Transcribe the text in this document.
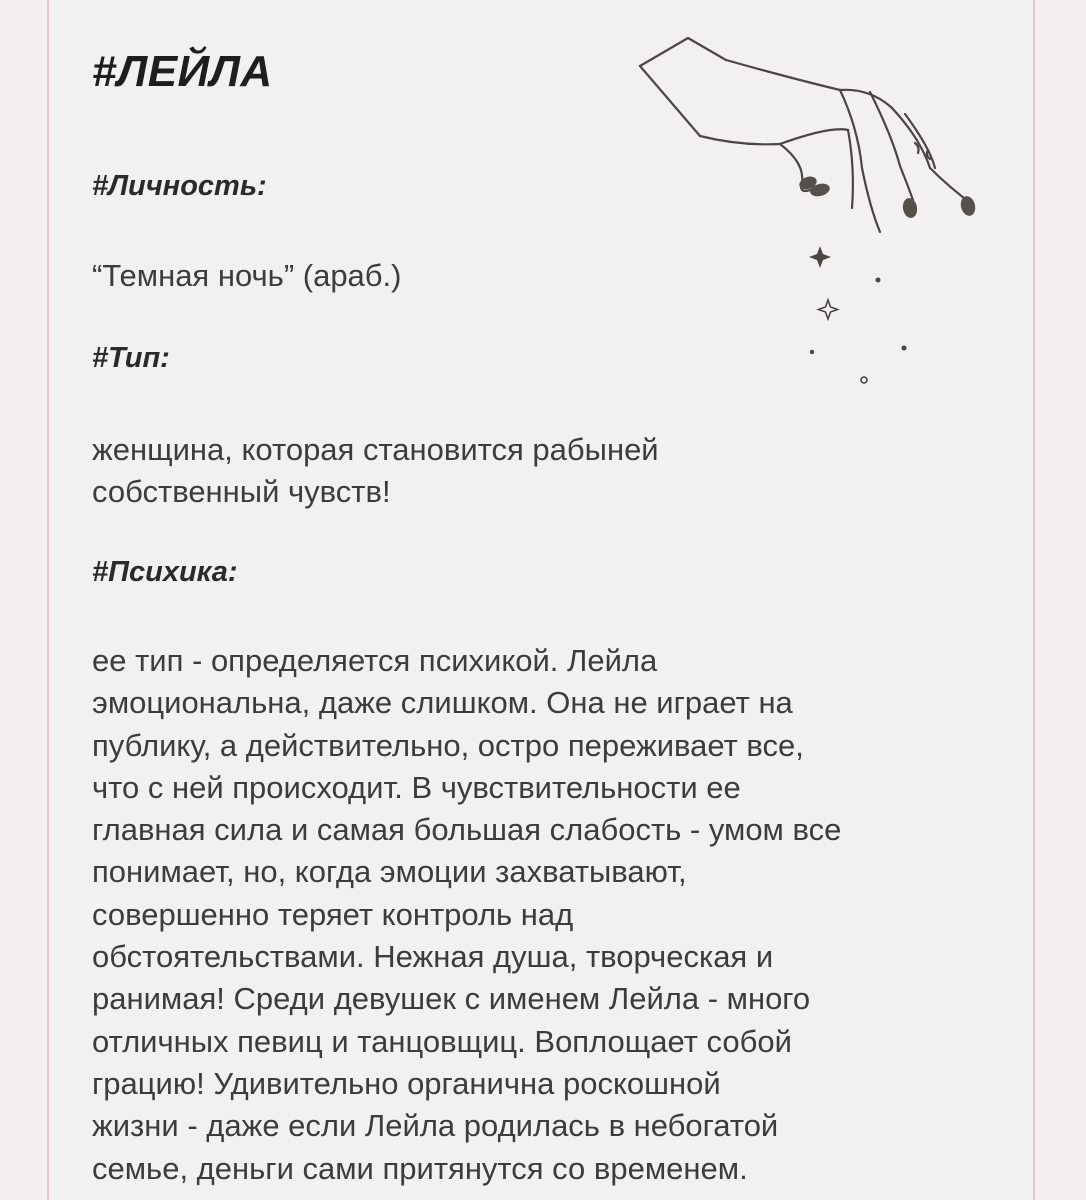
#ЛЕЙЛА
#Личность:

“Темная ночь” (араб.)

#Тип:

женщина, которая становится рабыней
собственный чувств!

#Психика:

ее тип - определяется психикой. Лейла
эмоциональна, даже слишком. Она не играет на
публику, а действительно, остро переживает все,
что с ней происходит. В чувствительности ее
главная сила и самая большая слабость - умом все
понимает, но, когда эмоции захватывают,
совершенно теряет контроль над
обстоятельствами. Нежная душа, творческая и
ранимая! Среди девушек с именем Лейла - много
отличных певиц и танцовщиц. Воплощает собой
грацию! Удивительно органична роскошной
жизни - даже если Лейла родилась в небогатой
семье, деньги сами притянутся со временем.
